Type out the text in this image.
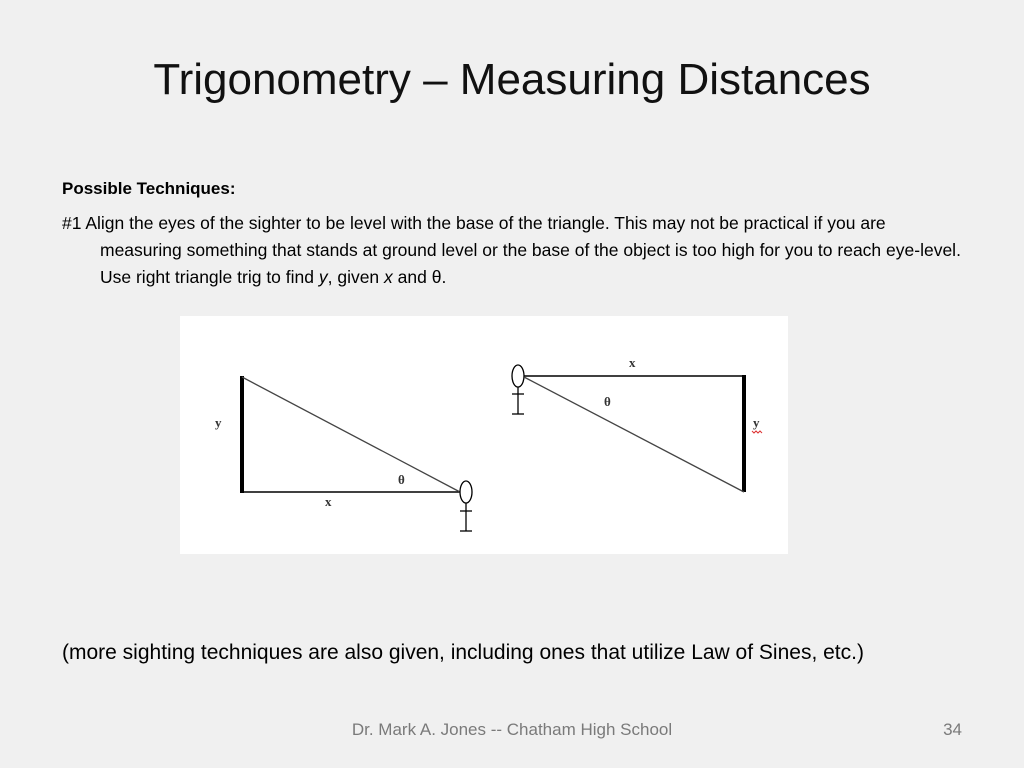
Trigonometry – Measuring Distances
Possible Techniques:
#1 Align the eyes of the sighter to be level with the base of the triangle. This may not be practical if you are measuring something that stands at ground level or the base of the object is too high for you to reach eye-level. Use right triangle trig to find y, given x and θ.
y
x
θ
x
θ
y
(more sighting techniques are also given, including ones that utilize Law of Sines, etc.)
Dr. Mark A. Jones -- Chatham High School	34
